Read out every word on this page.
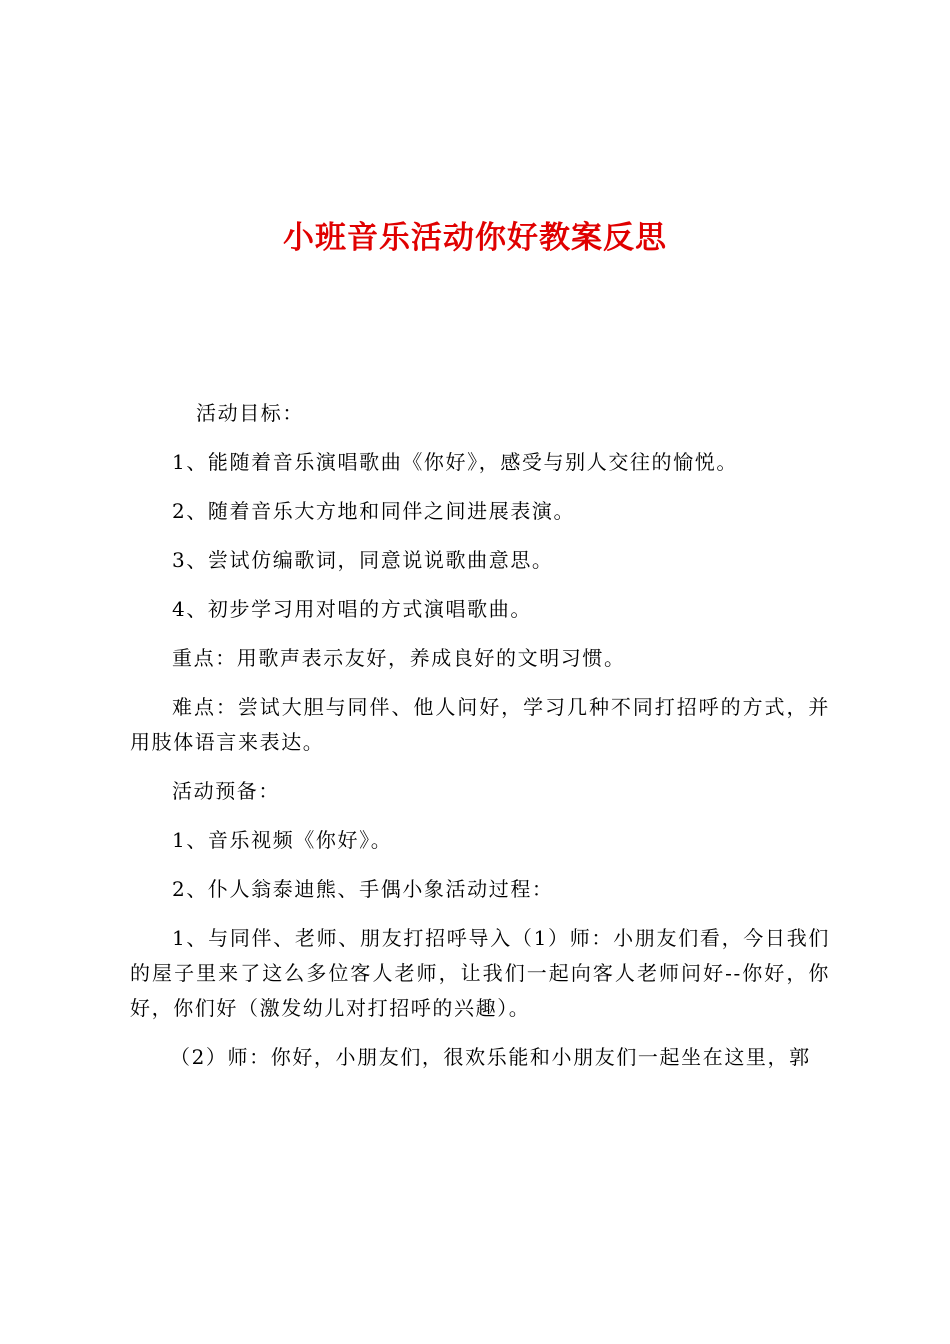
小班音乐活动你好教案反思

活动目标：

1、能随着音乐演唱歌曲《你好》，感受与别人交往的愉悦。

2、随着音乐大方地和同伴之间进展表演。

3、尝试仿编歌词，同意说说歌曲意思。

4、初步学习用对唱的方式演唱歌曲。

重点：用歌声表示友好，养成良好的文明习惯。

难点：尝试大胆与同伴、他人问好，学习几种不同打招呼的方式，并用肢体语言来表达。

活动预备：

1、音乐视频《你好》。

2、仆人翁泰迪熊、手偶小象活动过程：

1、与同伴、老师、朋友打招呼导入（1）师：小朋友们看，今日我们的屋子里来了这么多位客人老师，让我们一起向客人老师问好--你好，你好，你们好（激发幼儿对打招呼的兴趣）。

（2）师：你好，小朋友们，很欢乐能和小朋友们一起坐在这里，郭
